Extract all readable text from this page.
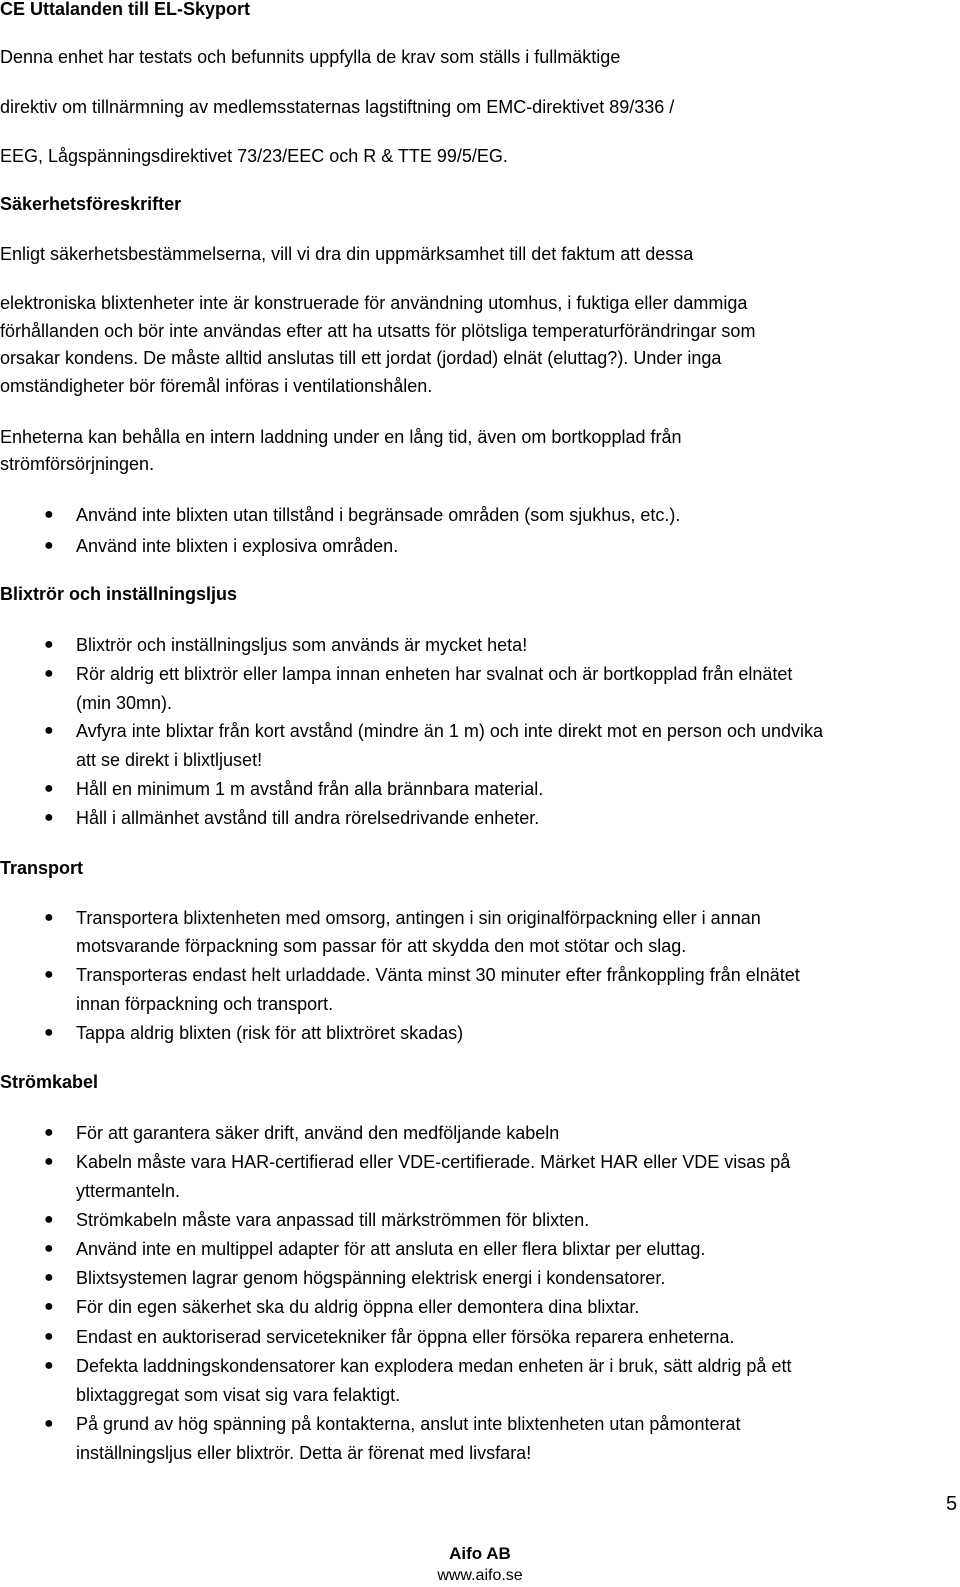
CE Uttalanden till EL-Skyport
Denna enhet har testats och befunnits uppfylla de krav som ställs i fullmäktige
direktiv om tillnärmning av medlemsstaternas lagstiftning om EMC-direktivet 89/336 /
EEG, Lågspänningsdirektivet 73/23/EEC och R & TTE 99/5/EG.
Säkerhetsföreskrifter
Enligt säkerhetsbestämmelserna, vill vi dra din uppmärksamhet till det faktum att dessa
elektroniska blixtenheter inte är konstruerade för användning utomhus, i fuktiga eller dammiga
förhållanden och bör inte användas efter att ha utsatts för plötsliga temperaturförändringar som
orsakar kondens. De måste alltid anslutas till ett jordat (jordad) elnät (eluttag?). Under inga
omständigheter bör föremål införas i ventilationshålen.
Enheterna kan behålla en intern laddning under en lång tid, även om bortkopplad från
strömförsörjningen.
● Använd inte blixten utan tillstånd i begränsade områden (som sjukhus, etc.).
● Använd inte blixten i explosiva områden.
Blixtrör och inställningsljus
● Blixtrör och inställningsljus som används är mycket heta!
● Rör aldrig ett blixtrör eller lampa innan enheten har svalnat och är bortkopplad från elnätet
(min 30mn).
● Avfyra inte blixtar från kort avstånd (mindre än 1 m) och inte direkt mot en person och undvika
att se direkt i blixtljuset!
● Håll en minimum 1 m avstånd från alla brännbara material.
● Håll i allmänhet avstånd till andra rörelsedrivande enheter.
Transport
● Transportera blixtenheten med omsorg, antingen i sin originalförpackning eller i annan
motsvarande förpackning som passar för att skydda den mot stötar och slag.
● Transporteras endast helt urladdade. Vänta minst 30 minuter efter frånkoppling från elnätet
innan förpackning och transport.
● Tappa aldrig blixten (risk för att blixtröret skadas)
Strömkabel
● För att garantera säker drift, använd den medföljande kabeln
● Kabeln måste vara HAR-certifierad eller VDE-certifierade. Märket HAR eller VDE visas på
yttermanteln.
● Strömkabeln måste vara anpassad till märkströmmen för blixten.
● Använd inte en multippel adapter för att ansluta en eller flera blixtar per eluttag.
● Blixtsystemen lagrar genom högspänning elektrisk energi i kondensatorer.
● För din egen säkerhet ska du aldrig öppna eller demontera dina blixtar.
● Endast en auktoriserad servicetekniker får öppna eller försöka reparera enheterna.
● Defekta laddningskondensatorer kan explodera medan enheten är i bruk, sätt aldrig på ett
blixtaggregat som visat sig vara felaktigt.
● På grund av hög spänning på kontakterna, anslut inte blixtenheten utan påmonterat
inställningsljus eller blixtrör. Detta är förenat med livsfara!
5
Aifo AB
www.aifo.se
